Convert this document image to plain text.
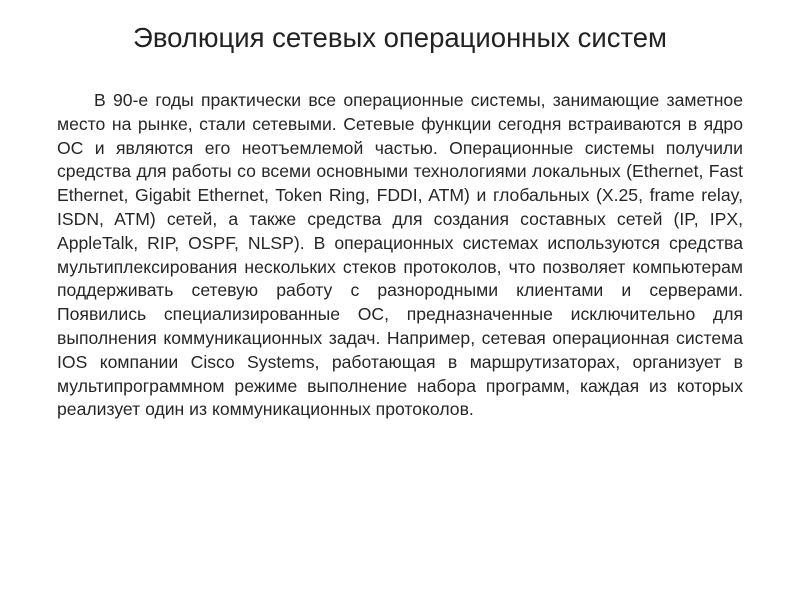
Эволюция сетевых операционных систем

В 90-е годы практически все операционные системы, занимающие заметное место на рынке, стали сетевыми. Сетевые функции сегодня встраиваются в ядро ОС и являются его неотъемлемой частью. Операционные системы получили средства для работы со всеми основными технологиями локальных (Ethernet, Fast Ethernet, Gigabit Ethernet, Token Ring, FDDI, ATM) и глобальных (X.25, frame relay, ISDN, ATM) сетей, а также средства для создания составных сетей (IP, IPX, AppleTalk, RIP, OSPF, NLSP). В операционных системах используются средства мультиплексирования нескольких стеков протоколов, что позволяет компьютерам поддерживать сетевую работу с разнородными клиентами и серверами. Появились специализированные ОС, предназначенные исключительно для выполнения коммуникационных задач. Например, сетевая операционная система IOS компании Cisco Systems, работающая в маршрутизаторах, организует в мультипрограммном режиме выполнение набора программ, каждая из которых реализует один из коммуникационных протоколов.
